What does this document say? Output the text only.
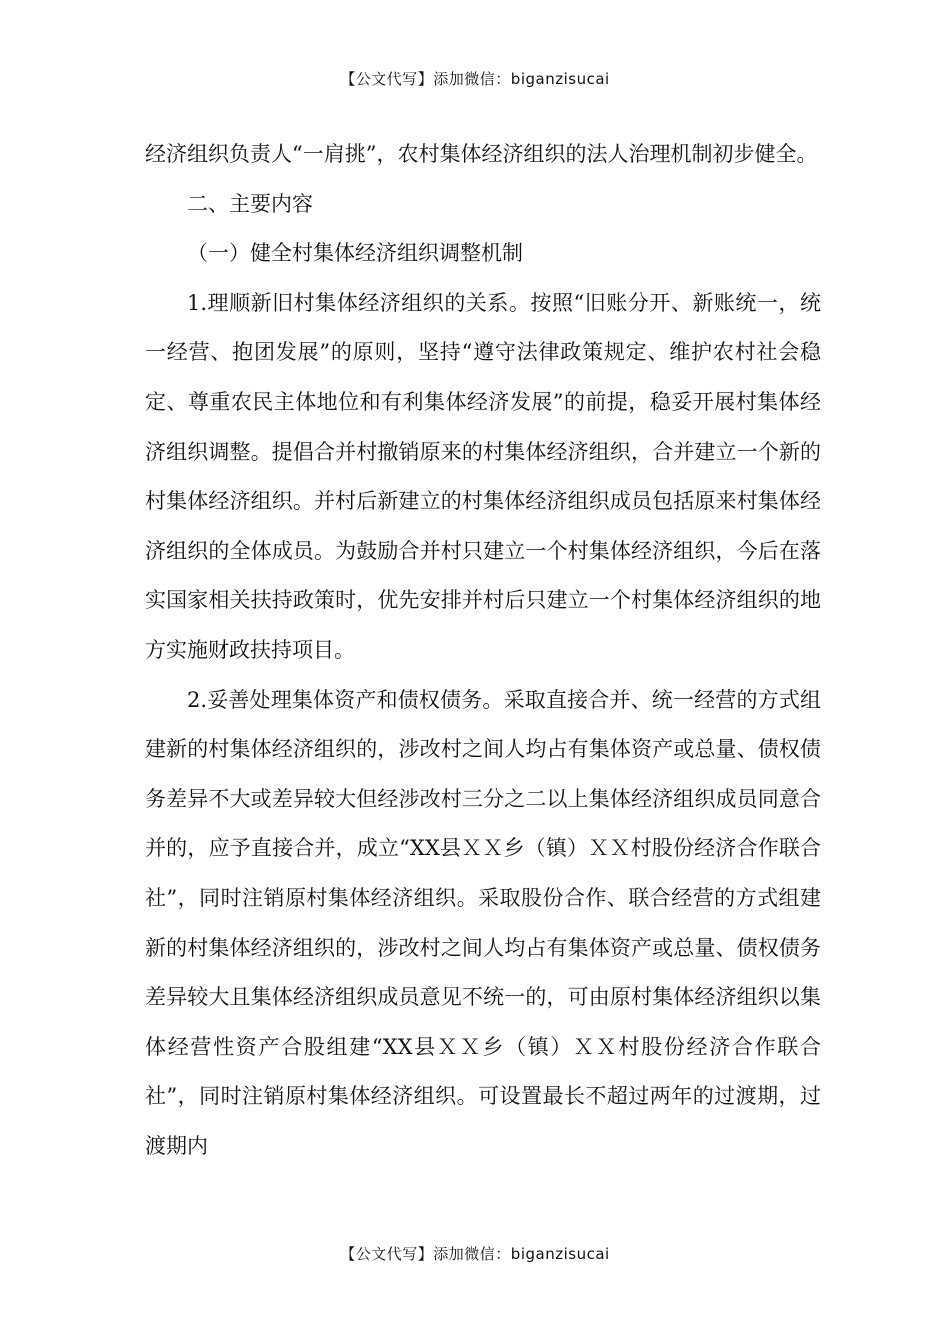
【公文代写】添加微信：biganzisucai

经济组织负责人“一肩挑”，农村集体经济组织的法人治理机制初步健全。

二、主要内容

（一）健全村集体经济组织调整机制

1.理顺新旧村集体经济组织的关系。按照“旧账分开、新账统一，统一经营、抱团发展”的原则，坚持“遵守法律政策规定、维护农村社会稳定、尊重农民主体地位和有利集体经济发展”的前提，稳妥开展村集体经济组织调整。提倡合并村撤销原来的村集体经济组织，合并建立一个新的村集体经济组织。并村后新建立的村集体经济组织成员包括原来村集体经济组织的全体成员。为鼓励合并村只建立一个村集体经济组织，今后在落实国家相关扶持政策时，优先安排并村后只建立一个村集体经济组织的地方实施财政扶持项目。

2.妥善处理集体资产和债权债务。采取直接合并、统一经营的方式组建新的村集体经济组织的，涉改村之间人均占有集体资产或总量、债权债务差异不大或差异较大但经涉改村三分之二以上集体经济组织成员同意合并的，应予直接合并，成立“XX县ＸＸ乡（镇）ＸＸ村股份经济合作联合社”，同时注销原村集体经济组织。采取股份合作、联合经营的方式组建新的村集体经济组织的，涉改村之间人均占有集体资产或总量、债权债务差异较大且集体经济组织成员意见不统一的，可由原村集体经济组织以集体经营性资产合股组建“XX县ＸＸ乡（镇）ＸＸ村股份经济合作联合社”，同时注销原村集体经济组织。可设置最长不超过两年的过渡期，过渡期内

【公文代写】添加微信：biganzisucai
